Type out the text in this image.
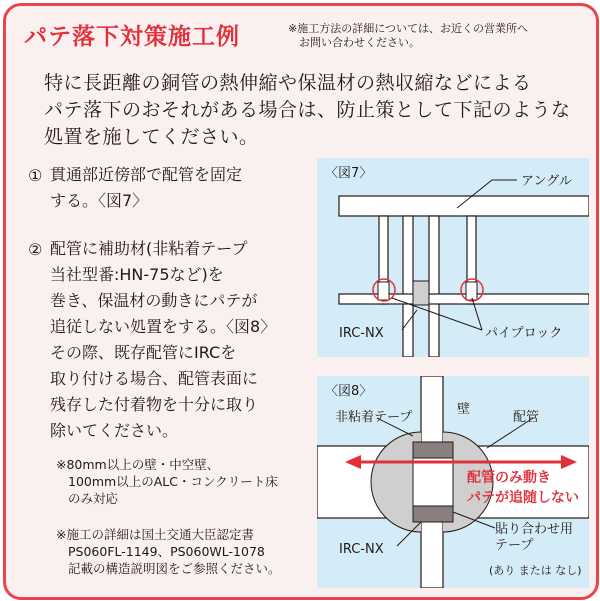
パテ落下対策施工例	※施工方法の詳細については、お近くの営業所へ
お問い合わせください。
特に長距離の銅管の熱伸縮や保温材の熱収縮などによる
パテ落下のおそれがある場合は、防止策として下記のような
処置を施してください。
① 貫通部近傍部で配管を固定
する。〈図7〉
② 配管に補助材(非粘着テープ
当社型番:HN-75など)を
巻き、保温材の動きにパテが
追従しない処置をする。〈図8〉
その際、既存配管にIRCを
取り付ける場合、配管表面に
残存した付着物を十分に取り
除いてください。
※80mm以上の壁・中空壁、
100mm以上のALC・コンクリート床
のみ対応
※施工の詳細は国土交通大臣認定書
PS060FL-1149、PS060WL-1078
記載の構造説明図をご参照ください。
〈図7〉
アングル
IRC-NX	パイプロック
〈図8〉
壁
非粘着テープ	配管
配管のみ動き
パテが追随しない
IRC-NX
貼り合わせ用
テープ
(あり または なし)
